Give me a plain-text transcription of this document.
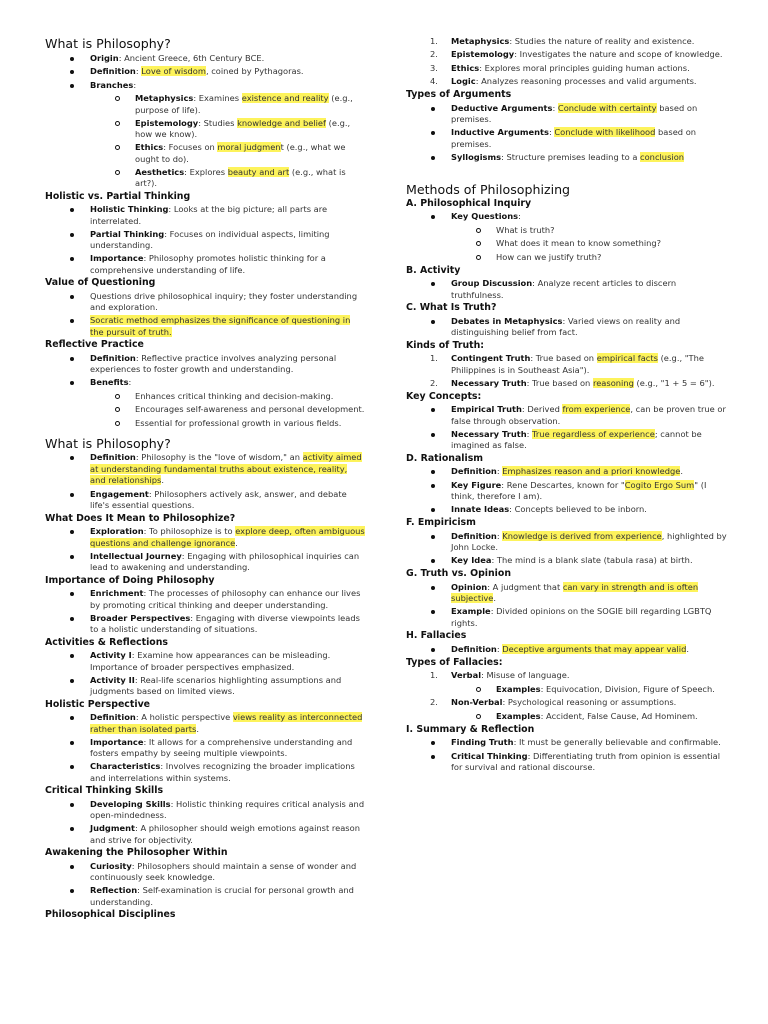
What is Philosophy?
Origin: Ancient Greece, 6th Century BCE.
Definition: Love of wisdom, coined by Pythagoras.
Branches:
Metaphysics: Examines existence and reality (e.g., purpose of life).
Epistemology: Studies knowledge and belief (e.g., how we know).
Ethics: Focuses on moral judgment (e.g., what we ought to do).
Aesthetics: Explores beauty and art (e.g., what is art?).
Holistic vs. Partial Thinking
Holistic Thinking: Looks at the big picture; all parts are interrelated.
Partial Thinking: Focuses on individual aspects, limiting understanding.
Importance: Philosophy promotes holistic thinking for a comprehensive understanding of life.
Value of Questioning
Questions drive philosophical inquiry; they foster understanding and exploration.
Socratic method emphasizes the significance of questioning in the pursuit of truth.
Reflective Practice
Definition: Reflective practice involves analyzing personal experiences to foster growth and understanding.
Benefits:
Enhances critical thinking and decision-making.
Encourages self-awareness and personal development.
Essential for professional growth in various fields.
What is Philosophy?
Definition: Philosophy is the "love of wisdom," an activity aimed at understanding fundamental truths about existence, reality, and relationships.
Engagement: Philosophers actively ask, answer, and debate life's essential questions.
What Does It Mean to Philosophize?
Exploration: To philosophize is to explore deep, often ambiguous questions and challenge ignorance.
Intellectual Journey: Engaging with philosophical inquiries can lead to awakening and understanding.
Importance of Doing Philosophy
Enrichment: The processes of philosophy can enhance our lives by promoting critical thinking and deeper understanding.
Broader Perspectives: Engaging with diverse viewpoints leads to a holistic understanding of situations.
Activities & Reflections
Activity I: Examine how appearances can be misleading. Importance of broader perspectives emphasized.
Activity II: Real-life scenarios highlighting assumptions and judgments based on limited views.
Holistic Perspective
Definition: A holistic perspective views reality as interconnected rather than isolated parts.
Importance: It allows for a comprehensive understanding and fosters empathy by seeing multiple viewpoints.
Characteristics: Involves recognizing the broader implications and interrelations within systems.
Critical Thinking Skills
Developing Skills: Holistic thinking requires critical analysis and open-mindedness.
Judgment: A philosopher should weigh emotions against reason and strive for objectivity.
Awakening the Philosopher Within
Curiosity: Philosophers should maintain a sense of wonder and continuously seek knowledge.
Reflection: Self-examination is crucial for personal growth and understanding.
Philosophical Disciplines
1. Metaphysics: Studies the nature of reality and existence.
2. Epistemology: Investigates the nature and scope of knowledge.
3. Ethics: Explores moral principles guiding human actions.
4. Logic: Analyzes reasoning processes and valid arguments.
Types of Arguments
Deductive Arguments: Conclude with certainty based on premises.
Inductive Arguments: Conclude with likelihood based on premises.
Syllogisms: Structure premises leading to a conclusion
Methods of Philosophizing
A. Philosophical Inquiry
Key Questions:
What is truth?
What does it mean to know something?
How can we justify truth?
B. Activity
Group Discussion: Analyze recent articles to discern truthfulness.
C. What Is Truth?
Debates in Metaphysics: Varied views on reality and distinguishing belief from fact.
Kinds of Truth:
1. Contingent Truth: True based on empirical facts (e.g., "The Philippines is in Southeast Asia").
2. Necessary Truth: True based on reasoning (e.g., "1 + 5 = 6").
Key Concepts:
Empirical Truth: Derived from experience, can be proven true or false through observation.
Necessary Truth: True regardless of experience; cannot be imagined as false.
D. Rationalism
Definition: Emphasizes reason and a priori knowledge.
Key Figure: Rene Descartes, known for "Cogito Ergo Sum" (I think, therefore I am).
Innate Ideas: Concepts believed to be inborn.
F. Empiricism
Definition: Knowledge is derived from experience, highlighted by John Locke.
Key Idea: The mind is a blank slate (tabula rasa) at birth.
G. Truth vs. Opinion
Opinion: A judgment that can vary in strength and is often subjective.
Example: Divided opinions on the SOGIE bill regarding LGBTQ rights.
H. Fallacies
Definition: Deceptive arguments that may appear valid.
Types of Fallacies:
1. Verbal: Misuse of language.
Examples: Equivocation, Division, Figure of Speech.
2. Non-Verbal: Psychological reasoning or assumptions.
Examples: Accident, False Cause, Ad Hominem.
I. Summary & Reflection
Finding Truth: It must be generally believable and confirmable.
Critical Thinking: Differentiating truth from opinion is essential for survival and rational discourse.
